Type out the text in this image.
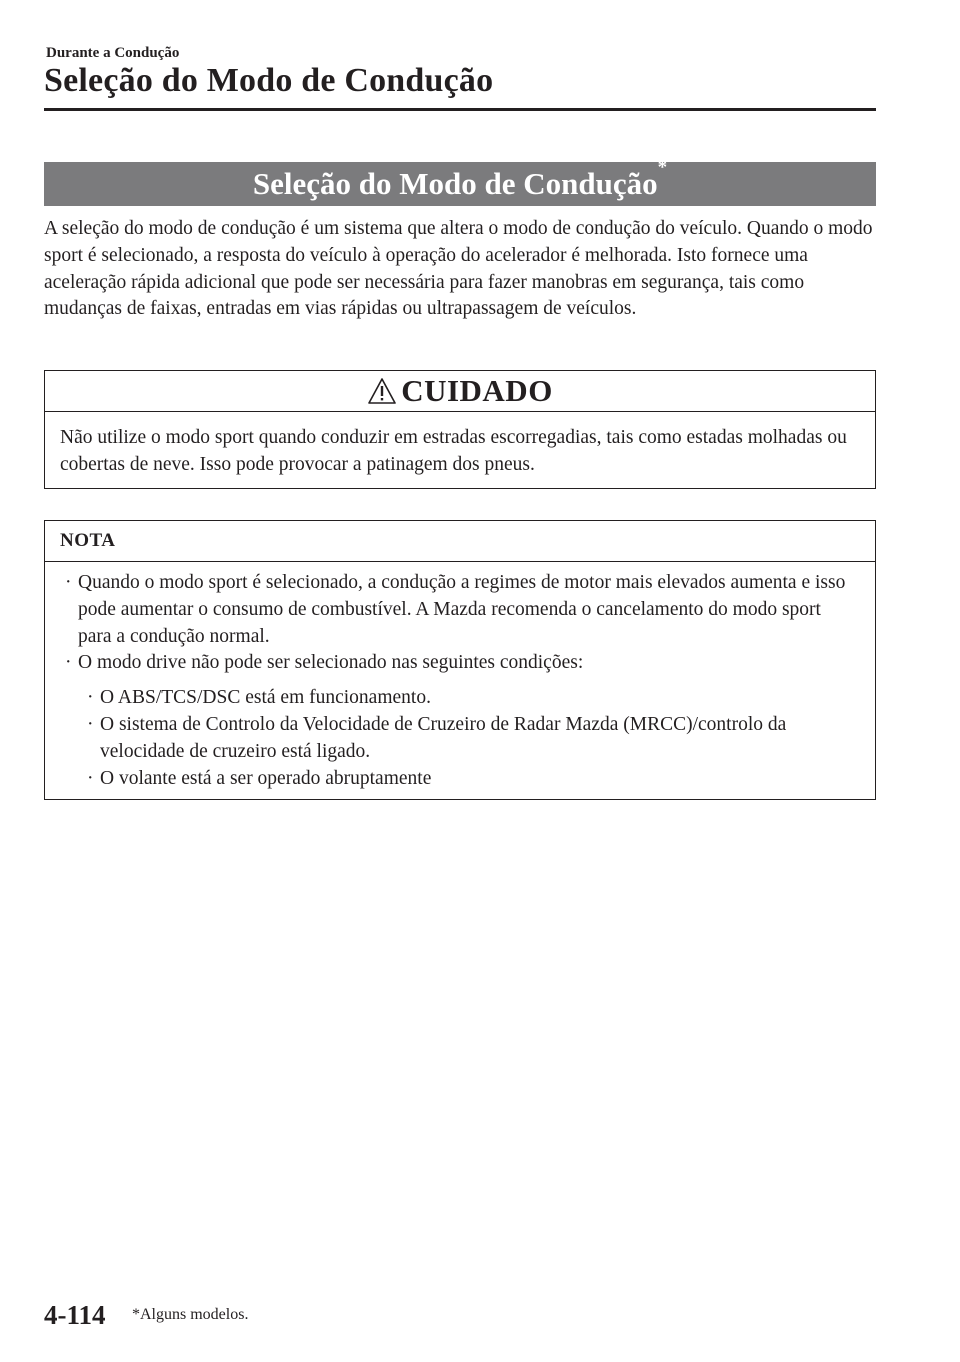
Durante a Condução
Seleção do Modo de Condução
Seleção do Modo de Condução*

A seleção do modo de condução é um sistema que altera o modo de condução do veículo. Quando o modo sport é selecionado, a resposta do veículo à operação do acelerador é melhorada. Isto fornece uma aceleração rápida adicional que pode ser necessária para fazer manobras em segurança, tais como mudanças de faixas, entradas em vias rápidas ou ultrapassagem de veículos.

CUIDADO

Não utilize o modo sport quando conduzir em estradas escorregadias, tais como estadas molhadas ou cobertas de neve. Isso pode provocar a patinagem dos pneus.

NOTA
· Quando o modo sport é selecionado, a condução a regimes de motor mais elevados aumenta e isso pode aumentar o consumo de combustível. A Mazda recomenda o cancelamento do modo sport para a condução normal.
· O modo drive não pode ser selecionado nas seguintes condições:
· O ABS/TCS/DSC está em funcionamento.
· O sistema de Controlo da Velocidade de Cruzeiro de Radar Mazda (MRCC)/controlo da velocidade de cruzeiro está ligado.
· O volante está a ser operado abruptamente
4-114 *Alguns modelos.
